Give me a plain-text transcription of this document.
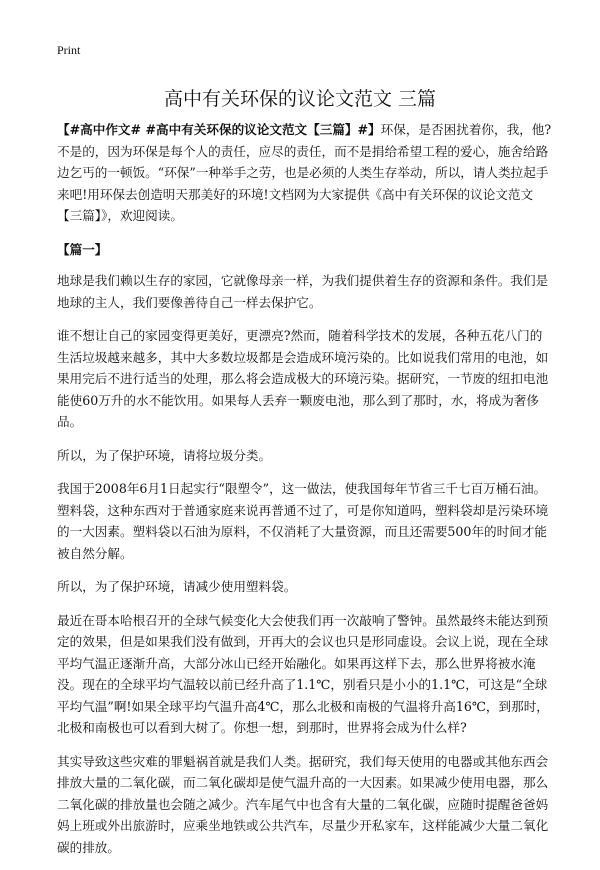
Print
高中有关环保的议论文范文 三篇

【#高中作文# #高中有关环保的议论文范文【三篇】#】环保，是否困扰着你，我，他?不是的，因为环保是每个人的责任，应尽的责任，而不是捐给希望工程的爱心，施舍给路边乞丐的一顿饭。“环保”一种举手之劳，也是必须的人类生存举动，所以，请人类拉起手来吧!用环保去创造明天那美好的环境!文档网为大家提供《高中有关环保的议论文范文【三篇】》，欢迎阅读。

【篇一】

地球是我们赖以生存的家园，它就像母亲一样，为我们提供着生存的资源和条件。我们是地球的主人，我们要像善待自己一样去保护它。

谁不想让自己的家园变得更美好，更漂亮?然而，随着科学技术的发展，各种五花八门的生活垃圾越来越多，其中大多数垃圾都是会造成环境污染的。比如说我们常用的电池，如果用完后不进行适当的处理，那么将会造成极大的环境污染。据研究，一节废的纽扣电池能使60万升的水不能饮用。如果每人丢弃一颗废电池，那么到了那时，水，将成为奢侈品。

所以，为了保护环境，请将垃圾分类。

我国于2008年6月1日起实行“限塑令”，这一做法，使我国每年节省三千七百万桶石油。塑料袋，这种东西对于普通家庭来说再普通不过了，可是你知道吗，塑料袋却是污染环境的一大因素。塑料袋以石油为原料，不仅消耗了大量资源，而且还需要500年的时间才能被自然分解。

所以，为了保护环境，请减少使用塑料袋。

最近在哥本哈根召开的全球气候变化大会使我们再一次敲响了警钟。虽然最终未能达到预定的效果，但是如果我们没有做到，开再大的会议也只是形同虚设。会议上说，现在全球平均气温正逐渐升高，大部分冰山已经开始融化。如果再这样下去，那么世界将被水淹没。现在的全球平均气温较以前已经升高了1.1℃，别看只是小小的1.1℃，可这是“全球平均气温”啊!如果全球平均气温升高4℃，那么北极和南极的气温将升高16℃，到那时，北极和南极也可以看到大树了。你想一想，到那时，世界将会成为什么样?

其实导致这些灾难的罪魁祸首就是我们人类。据研究，我们每天使用的电器或其他东西会排放大量的二氧化碳，而二氧化碳却是使气温升高的一大因素。如果减少使用电器，那么二氧化碳的排放量也会随之减少。汽车尾气中也含有大量的二氧化碳，应随时提醒爸爸妈妈上班或外出旅游时，应乘坐地铁或公共汽车，尽量少开私家车，这样能减少大量二氧化碳的排放。
